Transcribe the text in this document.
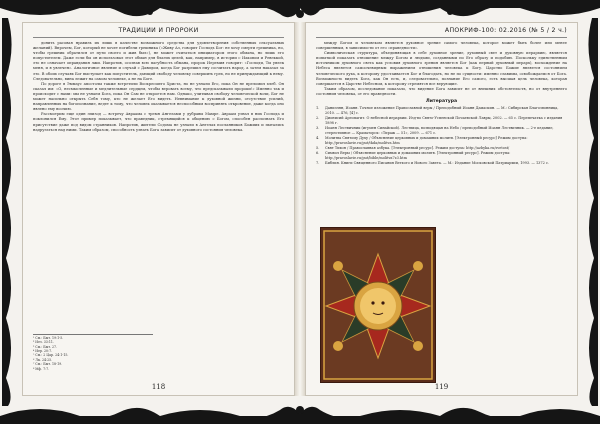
ТРАДИЦИИ И ПРОРОКИ

донить расовая нравиль их лишь в качестве возможного средства для удовлетворения собственных сексуальных желаний). Впрочем, Бог, который не хочет погибели грешника («Живу Аз, говорит Господь Бог: не хочу смерти грешника, но, чтобы грешник обратился от пути своего и жив был»), не может считаться инициатором этого обмана, но лишь его попустителем. Даже если бы он использовал этот обман для благих целей, как, например, в истории с Иаковом и Ревеккой, это не означает оправдания лжи. Напротив, осознав всю пагубность обмана, пророк Иеремия говорит: «Господи, Ты увлек меня, и я увлечен». Аналогичное явление и случай с Давидом, когда Бог разрешил ему сосчитать народ, а затем наказал за это. В обоих случаях Бог выступает как попуститель, дающий свободу человеку совершить грех, но не принуждающий к нему. Следовательно, вина лежит на самом человеке, а не на Боге.

По дороге в Эммаус апостолы также встретили Воскресшего Христа, но не узнали Его, пока Он не преломил хлеб. Он сказал им: «О, несмысленные и медлительные сердцем, чтобы веровать всему, что предсказывали пророки!» Именно так и происходит с нами: мы не узнаем Бога, пока Он Сам не откроется нам. Однако, учитывая свободу человеческой воли, Бог не может насильно открыть Себя тому, кто не желает Его видеть. Невнимание к духовной жизни, отсутствие усилий, направленных на богопознание, ведет к тому, что человек оказывается неспособным воспринять откровение, даже когда оно явлено ему воочию.

Рассмотрим еще один эпизод — встречу Авраама с тремя Ангелами у дубравы Мамре. Авраам узнал в них Господа и поклонился Ему. Этот пример показывает, что праведник, стремящийся к общению с Богом, способен распознать Его присутствие даже под видом странников. Напротив, жители Содома не узнали в Ангелах посланников Божиих и пытались надругаться над ними. Таким образом, способность узнать Бога зависит от духовного состояния человека.

¹ См.: Быт. 19:1-5.
² Иез. 33:11.
³ См.: Быт. 27.
⁴ Иер. 20:7.
⁵ См.: 2 Цар. 24:1-15.
⁶ Лк. 24:25.
⁷ См.: Быт. 18-19.
⁸ Мф. 7:7.
118
АПОКРИФ-100: 02.2016 (№ 5 / 2 ч.)

между Богом и человеком является духовное зрение самого человека, которое может быть более или менее совершенным, в зависимости от его «праведности».

Символическая структура, объединяющая в себе духовное зрение, духовный свет и духовную иерархию, является попыткой показать отношение между Богом и людьми, созданными по Его образу и подобию. Поскольку единственным источником духовного света как условия духовного зрения является Бог (как первый духовный иерарх), восхождение на Небеса является самоочевидным выражением отношения человека к Богу. Царство Божие является состоянием человеческого духа, к которому удостаивается Бог и благодать, но не по сущности: именно славимы, освобождаемся от Бога. Возможность видеть Бога, как Он есть, и, следовательно, познание Его самого, есть высшая цель человека, которая совершается в Царстве Небесном, к которому стремятся все верующие.

Таким образом, исследование показало, что видение Бога зависит не от внешних обстоятельств, но от внутреннего состояния человека, от его праведности.

Литература
1.	Даниэлян, Иоанн. Точное изложение Православной веры / Преподобный Иоанн Дамаскин. — М.: Сибирская Благозвонница, 2010. — 476, [4] с.
2.	Дионисий Ареопагит. О небесной иерархии. Изд-во Свято-Успенской Почаевской Лавры, 2002. — 65 с. Перепечатка с издания 1898 г.
3.	Иоанн Лествичник (игумен Синайской). Лествица, возводящая на Небо / преподобный Иоанн Лествичник. — 2-е издание, стереотипное — Краматорск: «Тираж — 51», 2009. — 671 с.
4.	Молитва Святому Духу / Объяснение церковных и домашних молитв. [Электронный ресурс] Режим доступа: http://pravoslavie.ru/put/tkda/molitva.htm
5.	Свят Тихон / Православная азбука. [Электронный ресурс]. Режим доступа: http://azbyka.ru/svetost/
6.	Символ Веры / Объяснение церковных и домашних молитв. [Электронный ресурс]. Режим доступа: http://pravoslavie.ru/put/bible/molitva7z3.htm
7.	Библия. Книги Священного Писания Ветхого и Нового Завета. — М.: Издание Московской Патриархии, 1993. — 1372 с.
119
